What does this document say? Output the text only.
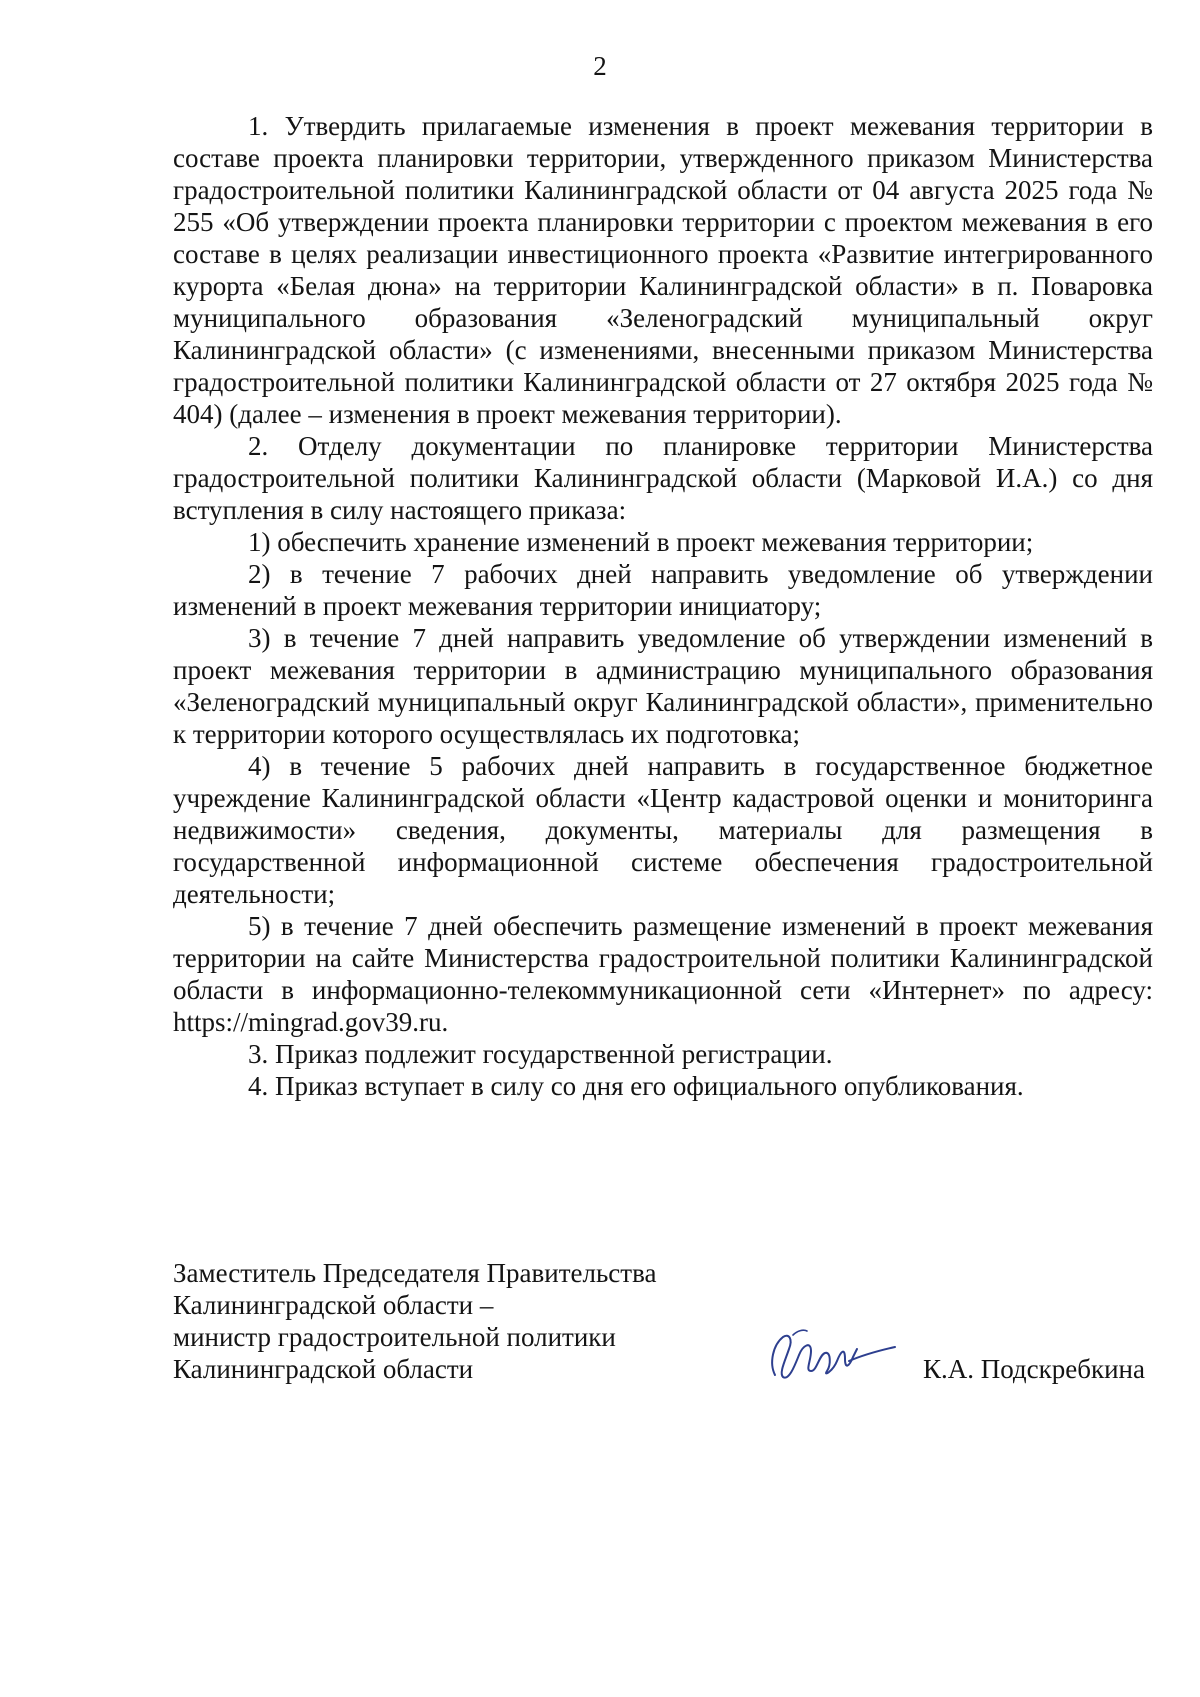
2

1. Утвердить прилагаемые изменения в проект межевания территории в составе проекта планировки территории, утвержденного приказом Министерства градостроительной политики Калининградской области от 04 августа 2025 года № 255 «Об утверждении проекта планировки территории с проектом межевания в его составе в целях реализации инвестиционного проекта «Развитие интегрированного курорта «Белая дюна» на территории Калининградской области» в п. Поваровка муниципального образования «Зеленоградский муниципальный округ Калининградской области» (с изменениями, внесенными приказом Министерства градостроительной политики Калининградской области от 27 октября 2025 года № 404) (далее – изменения в проект межевания территории).

2. Отделу документации по планировке территории Министерства градостроительной политики Калининградской области (Марковой И.А.) со дня вступления в силу настоящего приказа:

1) обеспечить хранение изменений в проект межевания территории;

2) в течение 7 рабочих дней направить уведомление об утверждении изменений в проект межевания территории инициатору;

3) в течение 7 дней направить уведомление об утверждении изменений в проект межевания территории в администрацию муниципального образования «Зеленоградский муниципальный округ Калининградской области», применительно к территории которого осуществлялась их подготовка;

4) в течение 5 рабочих дней направить в государственное бюджетное учреждение Калининградской области «Центр кадастровой оценки и мониторинга недвижимости» сведения, документы, материалы для размещения в государственной информационной системе обеспечения градостроительной деятельности;

5) в течение 7 дней обеспечить размещение изменений в проект межевания территории на сайте Министерства градостроительной политики Калининградской области в информационно-телекоммуникационной сети «Интернет» по адресу: https://mingrad.gov39.ru.

3. Приказ подлежит государственной регистрации.

4. Приказ вступает в силу со дня его официального опубликования.

Заместитель Председателя Правительства
Калининградской области –
министр градостроительной политики
Калининградской области	К.А. Подскребкина
